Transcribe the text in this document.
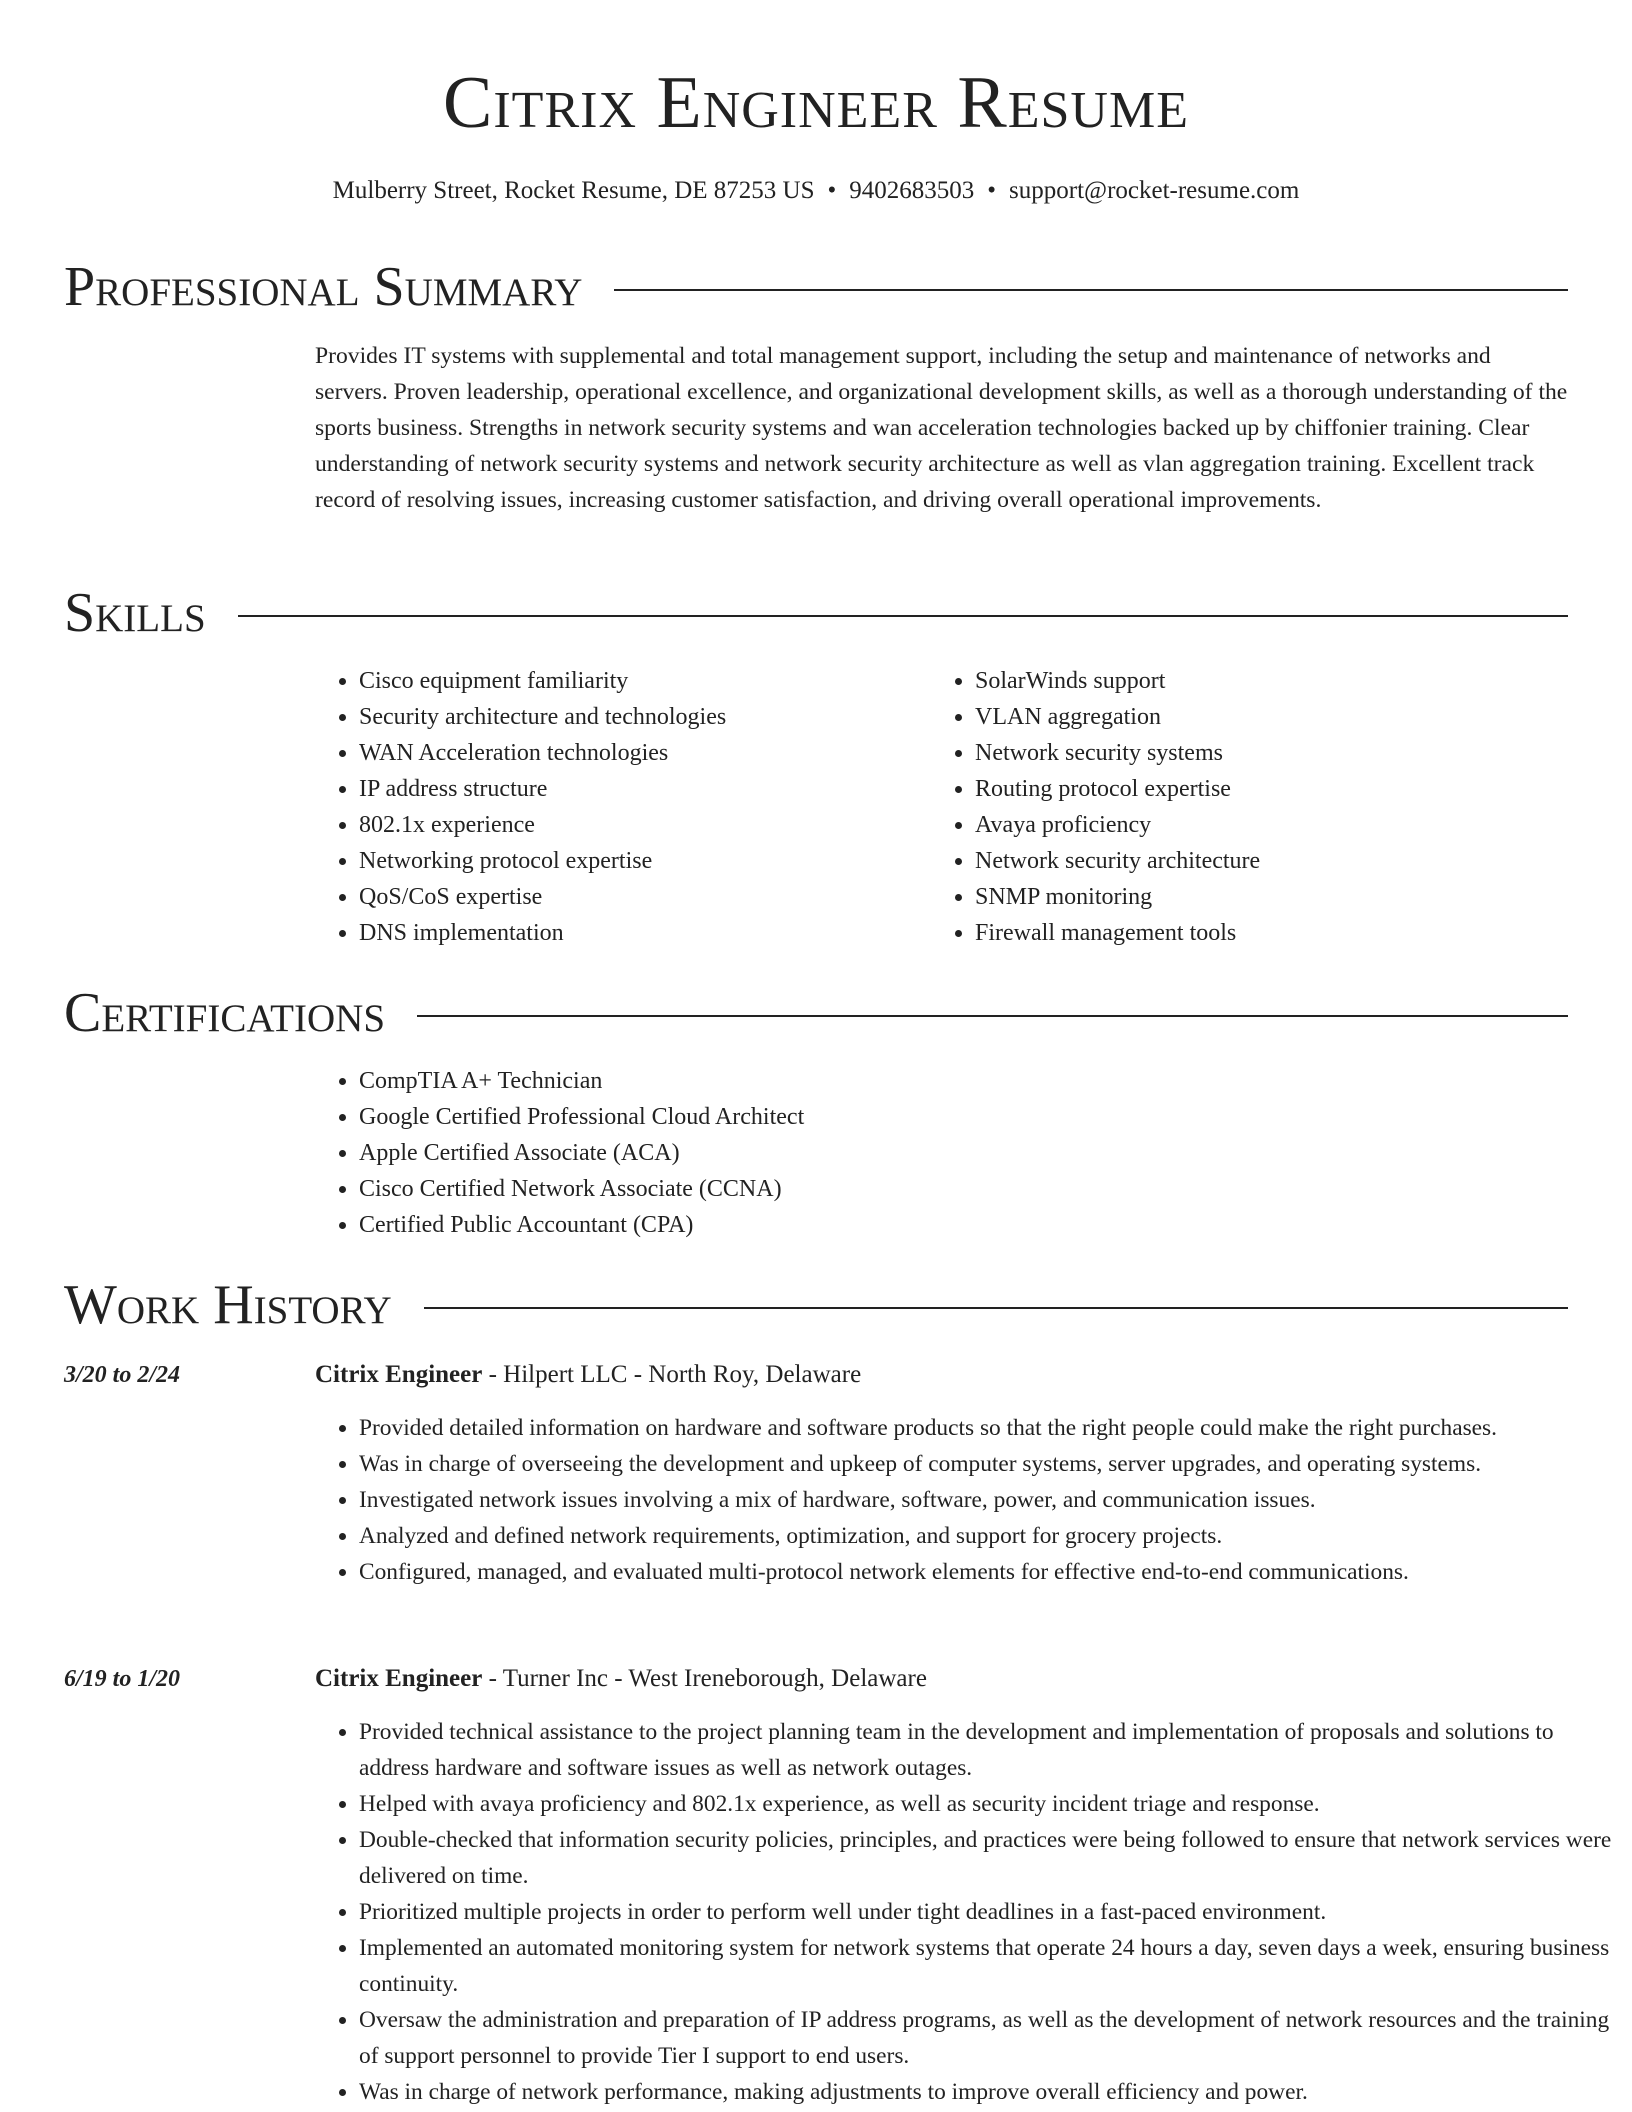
Citrix Engineer Resume
Mulberry Street, Rocket Resume, DE 87253 US • 9402683503 • support@rocket-resume.com
Professional Summary

Provides IT systems with supplemental and total management support, including the setup and maintenance of networks and servers. Proven leadership, operational excellence, and organizational development skills, as well as a thorough understanding of the sports business. Strengths in network security systems and wan acceleration technologies backed up by chiffonier training. Clear understanding of network security systems and network security architecture as well as vlan aggregation training. Excellent track record of resolving issues, increasing customer satisfaction, and driving overall operational improvements.

Skills
• Cisco equipment familiarity
• Security architecture and technologies
• WAN Acceleration technologies
• IP address structure
• 802.1x experience
• Networking protocol expertise
• QoS/CoS expertise
• DNS implementation
• SolarWinds support
• VLAN aggregation
• Network security systems
• Routing protocol expertise
• Avaya proficiency
• Network security architecture
• SNMP monitoring
• Firewall management tools
Certifications
• CompTIA A+ Technician
• Google Certified Professional Cloud Architect
• Apple Certified Associate (ACA)
• Cisco Certified Network Associate (CCNA)
• Certified Public Accountant (CPA)
Work History
3/20 to 2/24	Citrix Engineer - Hilpert LLC - North Roy, Delaware
• Provided detailed information on hardware and software products so that the right people could make the right purchases.
• Was in charge of overseeing the development and upkeep of computer systems, server upgrades, and operating systems.
• Investigated network issues involving a mix of hardware, software, power, and communication issues.
• Analyzed and defined network requirements, optimization, and support for grocery projects.
• Configured, managed, and evaluated multi-protocol network elements for effective end-to-end communications.
6/19 to 1/20	Citrix Engineer - Turner Inc - West Ireneborough, Delaware
• Provided technical assistance to the project planning team in the development and implementation of proposals and solutions to address hardware and software issues as well as network outages.
• Helped with avaya proficiency and 802.1x experience, as well as security incident triage and response.
• Double-checked that information security policies, principles, and practices were being followed to ensure that network services were delivered on time.
• Prioritized multiple projects in order to perform well under tight deadlines in a fast-paced environment.
• Implemented an automated monitoring system for network systems that operate 24 hours a day, seven days a week, ensuring business continuity.
• Oversaw the administration and preparation of IP address programs, as well as the development of network resources and the training of support personnel to provide Tier I support to end users.
• Was in charge of network performance, making adjustments to improve overall efficiency and power.
